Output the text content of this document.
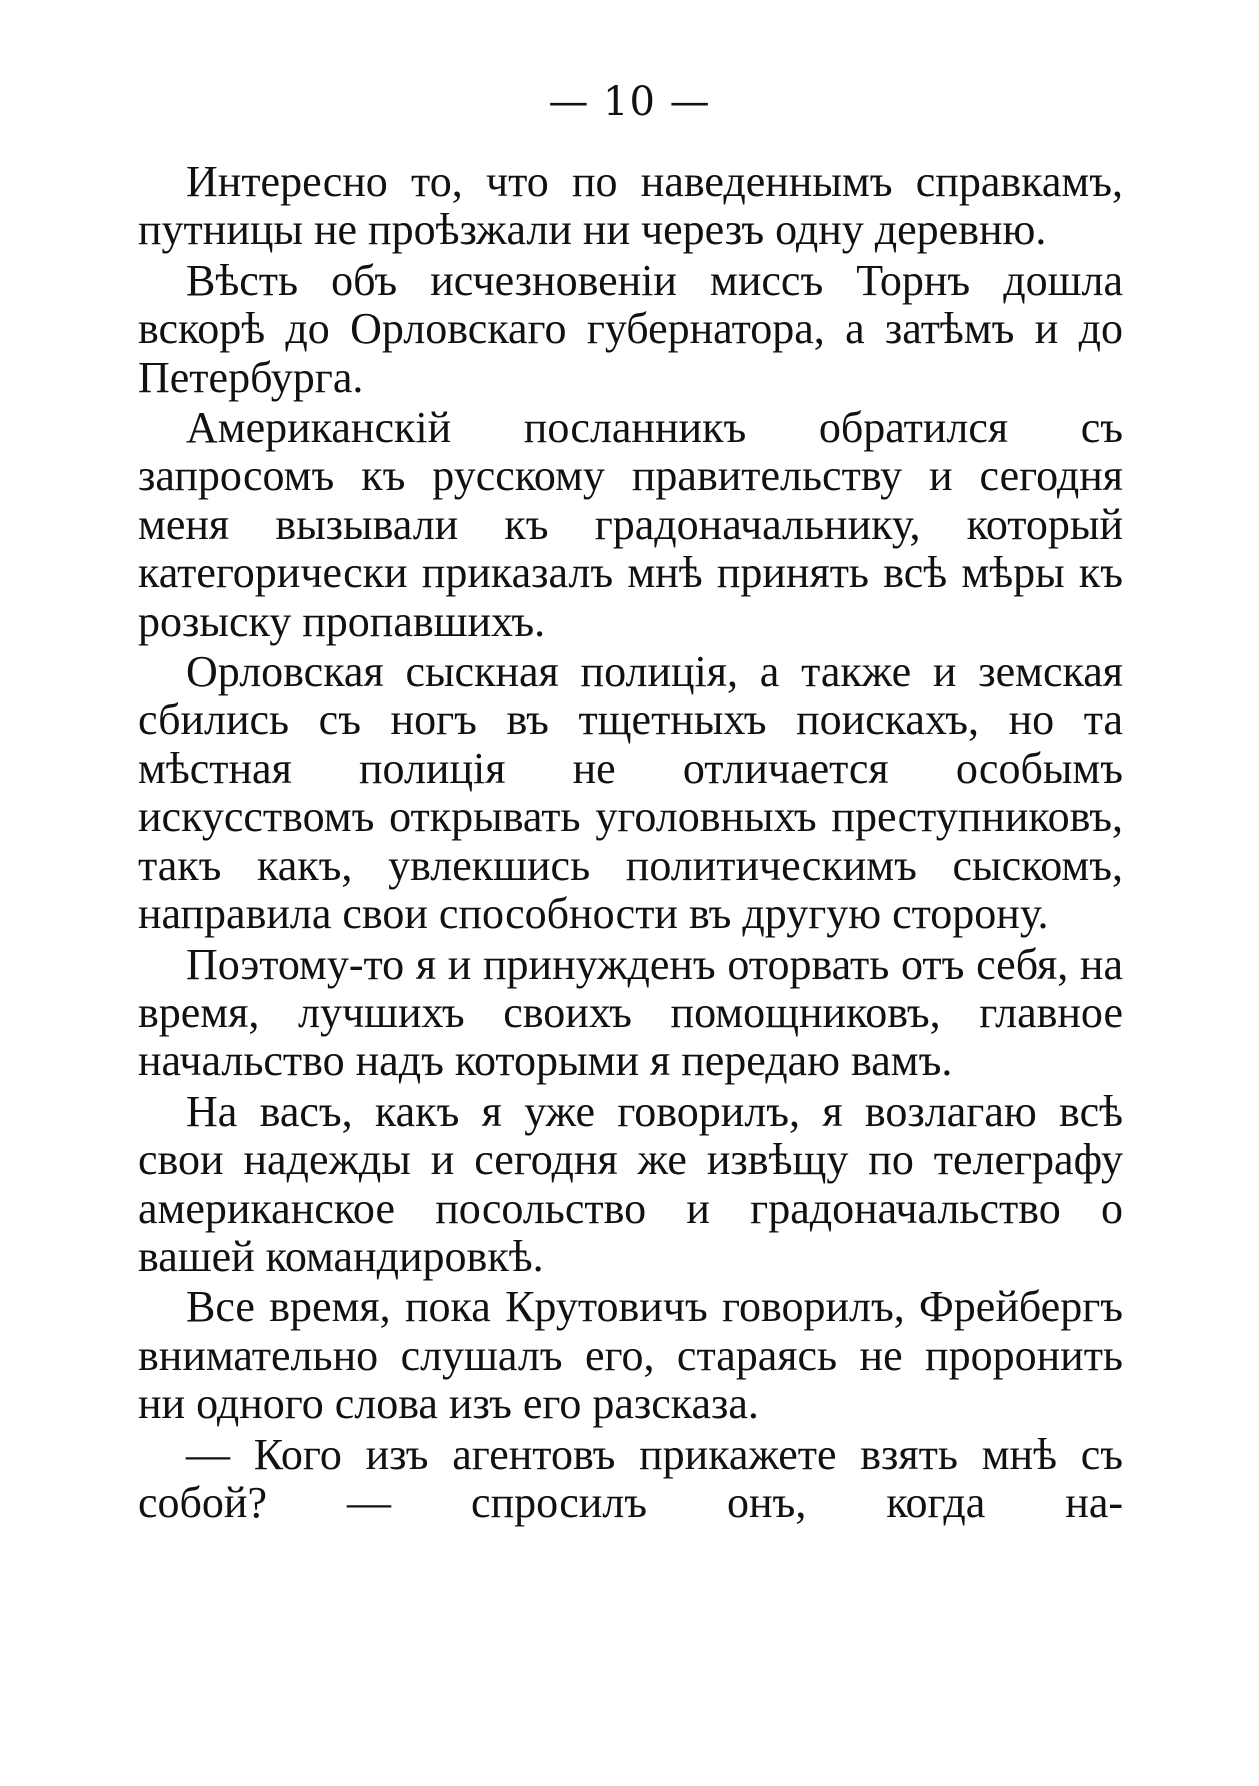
— 10 —

Интересно то, что по наведеннымъ справкамъ, путницы не проѣзжали ни черезъ одну деревню.

Вѣсть объ исчезновенiи миссъ Торнъ дошла вскорѣ до Орловскаго губернатора, а затѣмъ и до Петербурга.

Американскiй посланникъ обратился съ запросомъ къ русскому правительству и сегодня меня вызывали къ градоначальнику, который категорически приказалъ мнѣ принять всѣ мѣры къ розыску пропавшихъ.

Орловская сыскная полицiя, а также и земская сбились съ ногъ въ тщетныхъ поискахъ, но та мѣстная полицiя не отличается особымъ искусствомъ открывать уголовныхъ преступниковъ, такъ какъ, увлекшись политическимъ сыскомъ, направила свои способности въ другую сторону.

Поэтому-то я и принужденъ оторвать отъ себя, на время, лучшихъ своихъ помощниковъ, главное начальство надъ которыми я передаю вамъ.

На васъ, какъ я уже говорилъ, я возлагаю всѣ свои надежды и сегодня же извѣщу по телеграфу американское посольство и градоначальство о вашей командировкѣ.

Все время, пока Крутовичъ говорилъ, Фрейбергъ внимательно слушалъ его, стараясь не проронить ни одного слова изъ его разсказа.

— Кого изъ агентовъ прикажете взять мнѣ съ собой? — спросилъ онъ, когда на-
